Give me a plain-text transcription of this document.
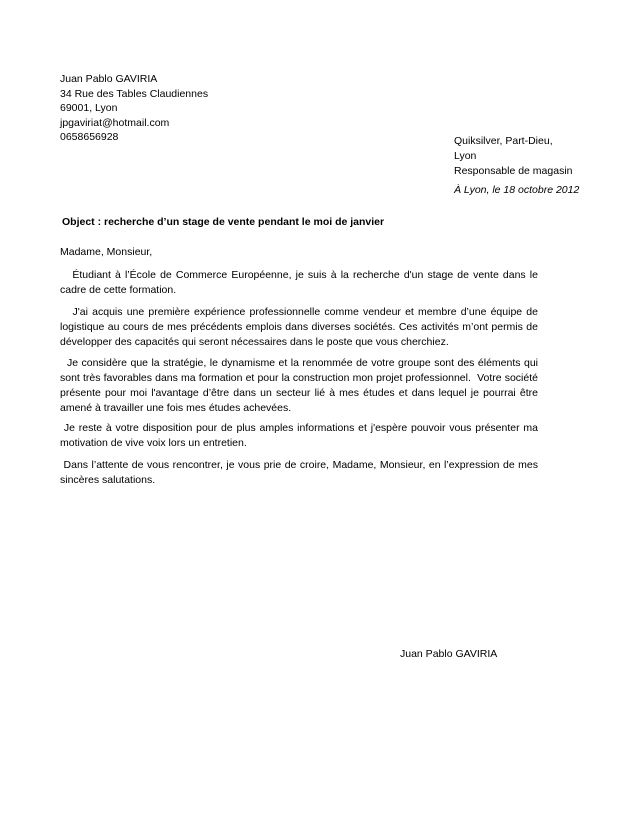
Juan Pablo GAVIRIA
34 Rue des Tables Claudiennes
69001, Lyon
jpgaviriat@hotmail.com
0658656928	Quiksilver, Part-Dieu,
Lyon
Responsable de magasin
À Lyon, le 18 octobre 2012
Object : recherche d’un stage de vente pendant le moi de janvier
Madame, Monsieur,

Étudiant à l’École de Commerce Européenne, je suis à la recherche d'un stage de vente dans le cadre de cette formation.

J'ai acquis une première expérience professionnelle comme vendeur et membre d’une équipe de logistique au cours de mes précédents emplois dans diverses sociétés. Ces activités m’ont permis de développer des capacités qui seront nécessaires dans le poste que vous cherchiez.

Je considère que la stratégie, le dynamisme et la renommée de votre groupe sont des éléments qui sont très favorables dans ma formation et pour la construction mon projet professionnel.  Votre société présente pour moi l'avantage d’être dans un secteur lié à mes études et dans lequel je pourrai être amené à travailler une fois mes études achevées.

Je reste à votre disposition pour de plus amples informations et j'espère pouvoir vous présenter ma motivation de vive voix lors un entretien.

Dans l’attente de vous rencontrer, je vous prie de croire, Madame, Monsieur, en l’expression de mes sincères salutations.

Juan Pablo GAVIRIA
